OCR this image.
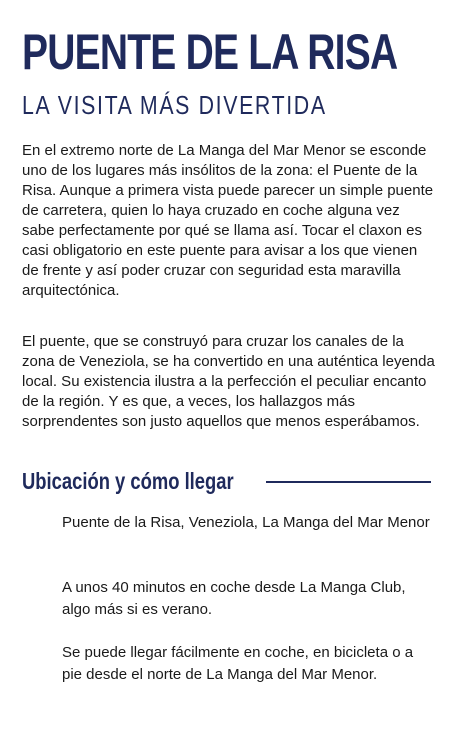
PUENTE DE LA RISA
LA VISITA MÁS DIVERTIDA

En el extremo norte de La Manga del Mar Menor se esconde uno de los lugares más insólitos de la zona: el Puente de la Risa. Aunque a primera vista puede parecer un simple puente de carretera, quien lo haya cruzado en coche alguna vez sabe perfectamente por qué se llama así. Tocar el claxon es casi obligatorio en este puente para avisar a los que vienen de frente y así poder cruzar con seguridad esta maravilla arquitectónica.

El puente, que se construyó para cruzar los canales de la zona de Veneziola, se ha convertido en una auténtica leyenda local. Su existencia ilustra a la perfección el peculiar encanto de la región. Y es que, a veces, los hallazgos más sorprendentes son justo aquellos que menos esperábamos.

Ubicación y cómo llegar

Puente de la Risa, Veneziola, La Manga del Mar Menor

A unos 40 minutos en coche desde La Manga Club, algo más si es verano.

Se puede llegar fácilmente en coche, en bicicleta o a pie desde el norte de La Manga del Mar Menor.
